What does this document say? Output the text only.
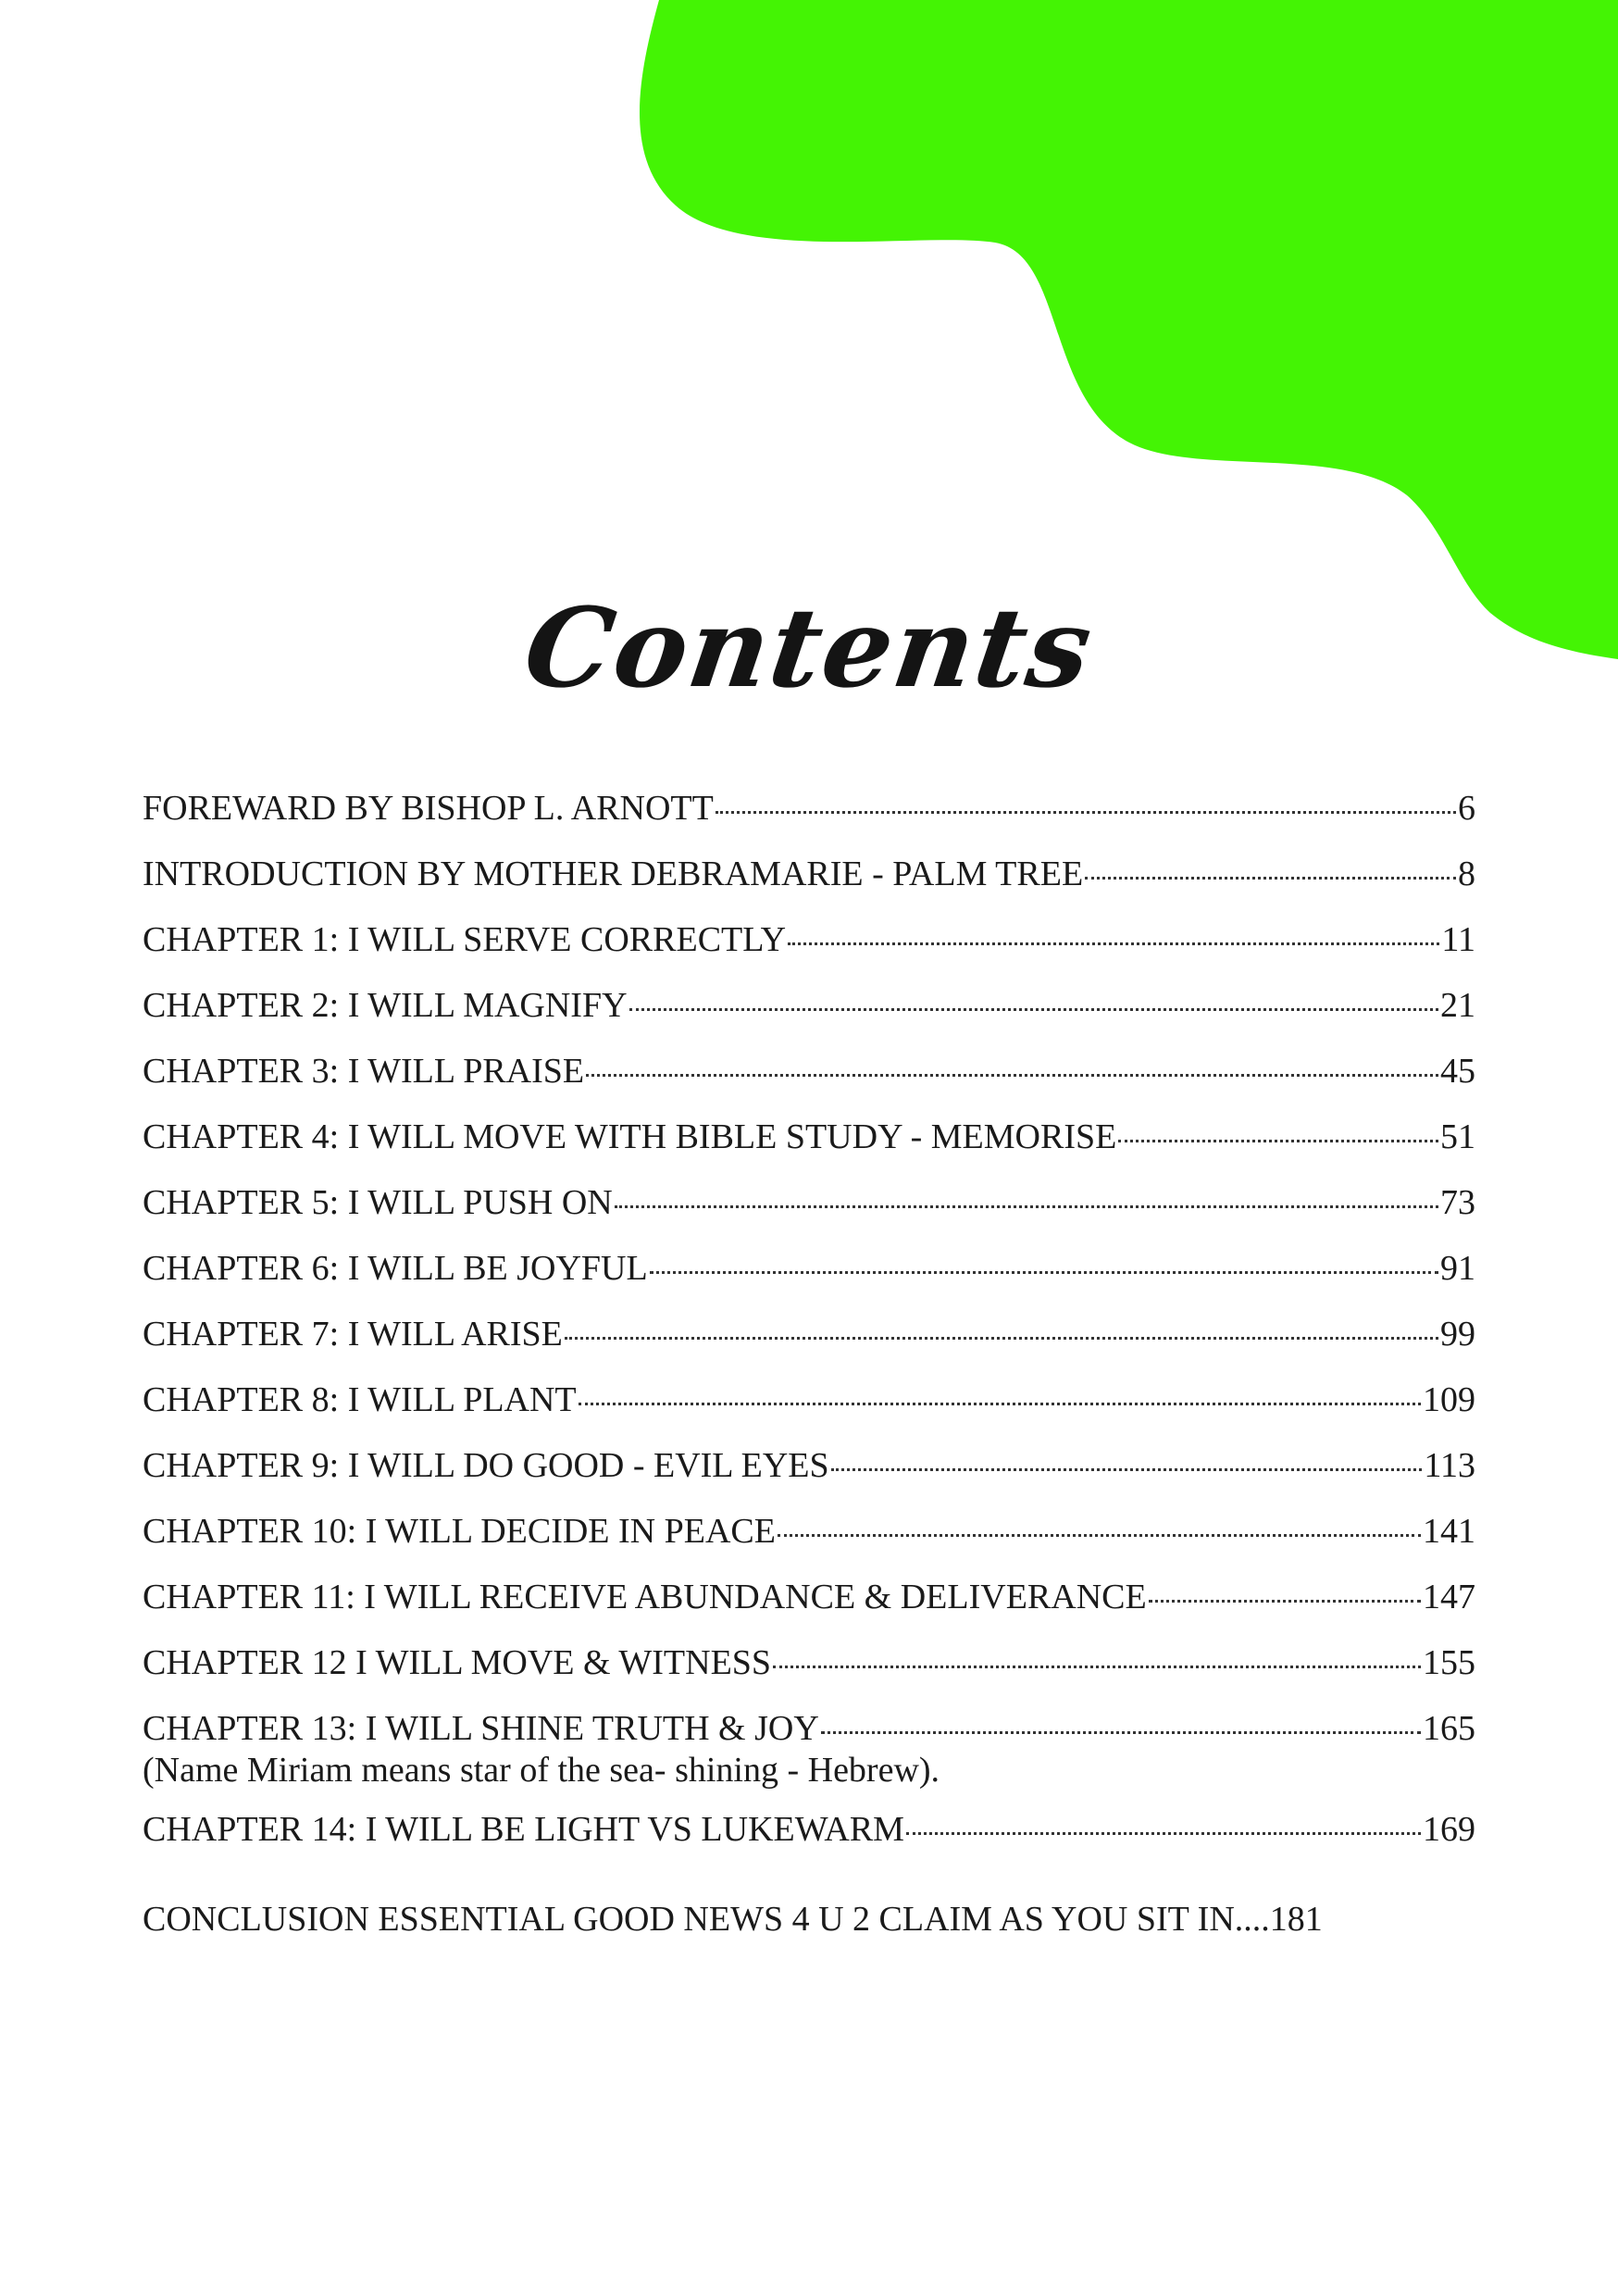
Contents
FOREWARD BY BISHOP L. ARNOTT	6
INTRODUCTION BY MOTHER DEBRAMARIE - PALM TREE	8
CHAPTER 1: I WILL SERVE CORRECTLY	11
CHAPTER 2: I WILL MAGNIFY	21
CHAPTER 3: I WILL PRAISE	45
CHAPTER 4: I WILL MOVE WITH BIBLE STUDY - MEMORISE	51
CHAPTER 5: I WILL PUSH ON	73
CHAPTER 6: I WILL BE JOYFUL	91
CHAPTER 7: I WILL ARISE	99
CHAPTER 8: I WILL PLANT	109
CHAPTER 9: I WILL DO GOOD - EVIL EYES	113
CHAPTER 10: I WILL DECIDE IN PEACE	141
CHAPTER 11: I WILL RECEIVE ABUNDANCE & DELIVERANCE	147
CHAPTER 12 I WILL MOVE & WITNESS	155
CHAPTER 13: I WILL SHINE TRUTH & JOY	165
(Name Miriam means star of the sea- shining - Hebrew).
CHAPTER 14: I WILL BE LIGHT VS LUKEWARM	169
CONCLUSION ESSENTIAL GOOD NEWS 4 U 2 CLAIM AS YOU SIT IN....181
